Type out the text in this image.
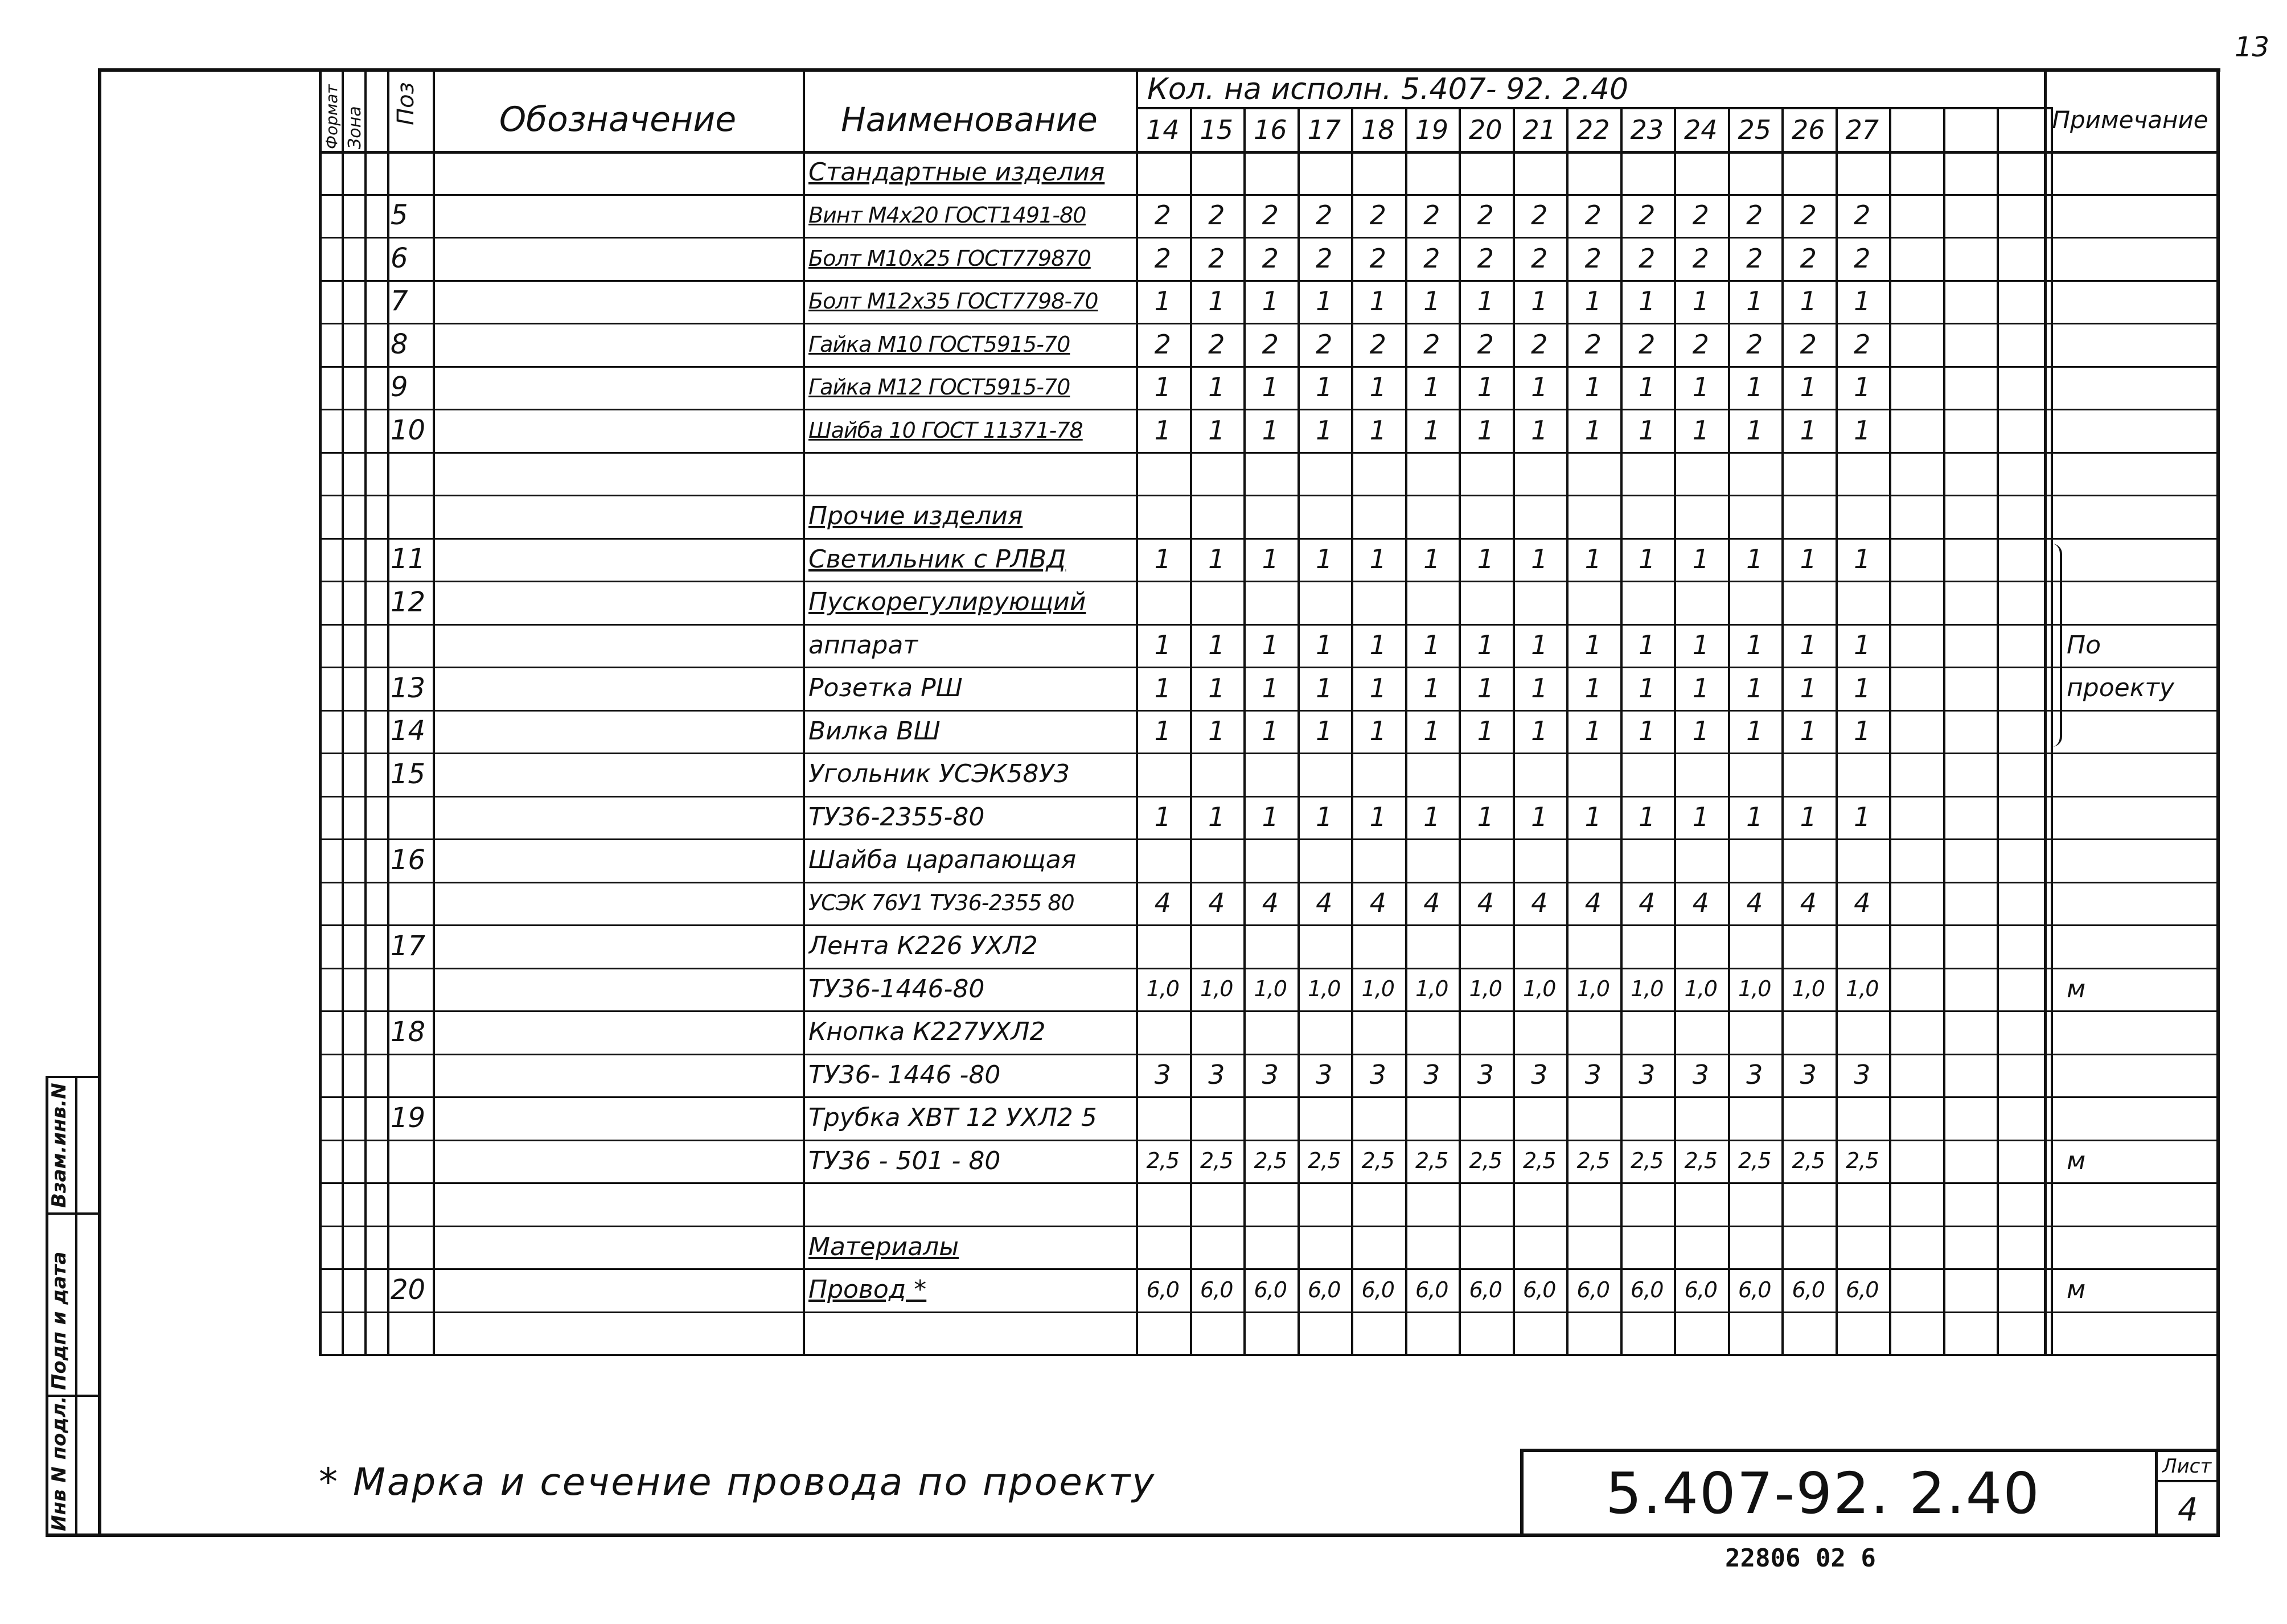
13
Инв N подл.
Подп и дата
Взам.инв.N
Формат Зона
Поз	Обозначение	Наименование
Кол. на исполн. 5.407- 92. 2.40
Примечание
14 15 16 17 18 19 20 21 22 23 24 25 26 27
Стандартные изделия
5	Винт М4х20 ГОСТ1491-80	2	2	2	2	2	2	2	2	2	2	2	2	2	2
6	Болт М10х25 ГОСТ779870	2	2	2	2	2	2	2	2	2	2	2	2	2	2
7	Болт М12х35 ГОСТ7798-70	1	1	1	1	1	1	1	1	1	1	1	1	1	1
8	Гайка М10 ГОСТ5915-70	2	2	2	2	2	2	2	2	2	2	2	2	2	2
9	Гайка М12 ГОСТ5915-70	1	1	1	1	1	1	1	1	1	1	1	1	1	1
10	Шайба 10 ГОСТ 11371-78	1	1	1	1	1	1	1	1	1	1	1	1	1	1
Прочие изделия
11	Светильник с РЛВД	1	1	1	1	1	1	1	1	1	1	1	1	1	1
12	Пускорегулирующий
аппарат	1	1	1	1	1	1	1	1	1	1	1	1	1	1	По
13	Розетка РШ	1	1	1	1	1	1	1	1	1	1	1	1	1	1	проекту
14	Вилка ВШ	1	1	1	1	1	1	1	1	1	1	1	1	1	1
15	Угольник УСЭК58У3
ТУ36-2355-80	1	1	1	1	1	1	1	1	1	1	1	1	1	1
16	Шайба царапающая
УСЭК 76У1 ТУ36-2355 80	4	4	4	4	4	4	4	4	4	4	4	4	4	4
17	Лента К226 УХЛ2
ТУ36-1446-80	1,0 1,0 1,0 1,0 1,0 1,0 1,0 1,0 1,0 1,0 1,0 1,0 1,0 1,0	м
18	Кнопка К227УХЛ2
ТУ36- 1446 -80	3	3	3	3	3	3	3	3	3	3	3	3	3	3
19	Трубка ХВТ 12 УХЛ2 5
ТУ36 - 501 - 80	2,5 2,5 2,5 2,5 2,5 2,5 2,5 2,5 2,5 2,5 2,5 2,5 2,5 2,5	м
Материалы
20	Провод *	6,0 6,0 6,0 6,0 6,0 6,0 6,0 6,0 6,0 6,0 6,0 6,0 6,0 6,0	м
* Марка и сечение провода по проекту	5.407-92. 2.40	Лист
4
22806 02 6
